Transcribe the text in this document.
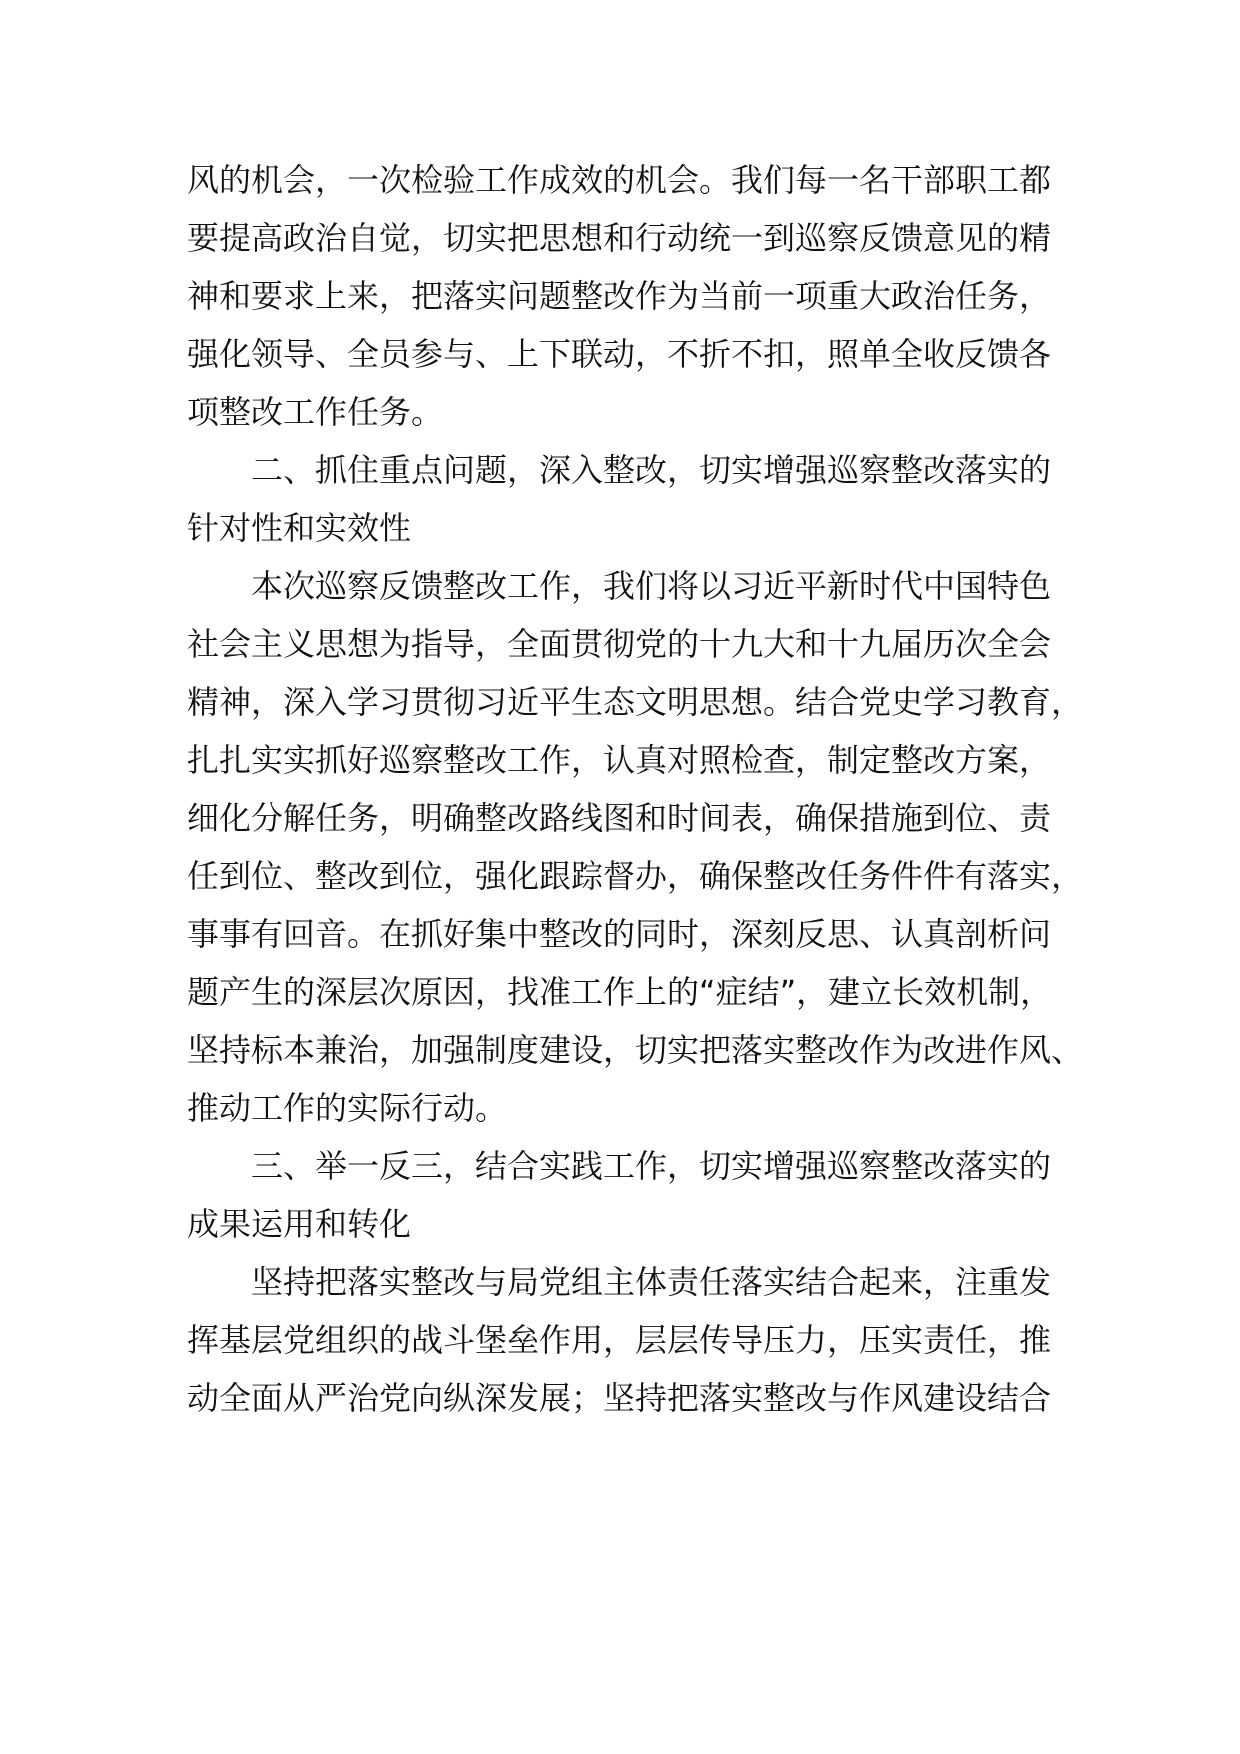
风的机会，一次检验工作成效的机会。我们每一名干部职工都
要提高政治自觉，切实把思想和行动统一到巡察反馈意见的精
神和要求上来，把落实问题整改作为当前一项重大政治任务，
强化领导、全员参与、上下联动，不折不扣，照单全收反馈各
项整改工作任务。
二、抓住重点问题，深入整改，切实增强巡察整改落实的
针对性和实效性
本次巡察反馈整改工作，我们将以习近平新时代中国特色
社会主义思想为指导，全面贯彻党的十九大和十九届历次全会
精神，深入学习贯彻习近平生态文明思想。结合党史学习教育，
扎扎实实抓好巡察整改工作，认真对照检查，制定整改方案，
细化分解任务，明确整改路线图和时间表，确保措施到位、责
任到位、整改到位，强化跟踪督办，确保整改任务件件有落实，
事事有回音。在抓好集中整改的同时，深刻反思、认真剖析问
题产生的深层次原因，找准工作上的“症结”，建立长效机制，
坚持标本兼治，加强制度建设，切实把落实整改作为改进作风、
推动工作的实际行动。
三、举一反三，结合实践工作，切实增强巡察整改落实的
成果运用和转化
坚持把落实整改与局党组主体责任落实结合起来，注重发
挥基层党组织的战斗堡垒作用，层层传导压力，压实责任，推
动全面从严治党向纵深发展；坚持把落实整改与作风建设结合
